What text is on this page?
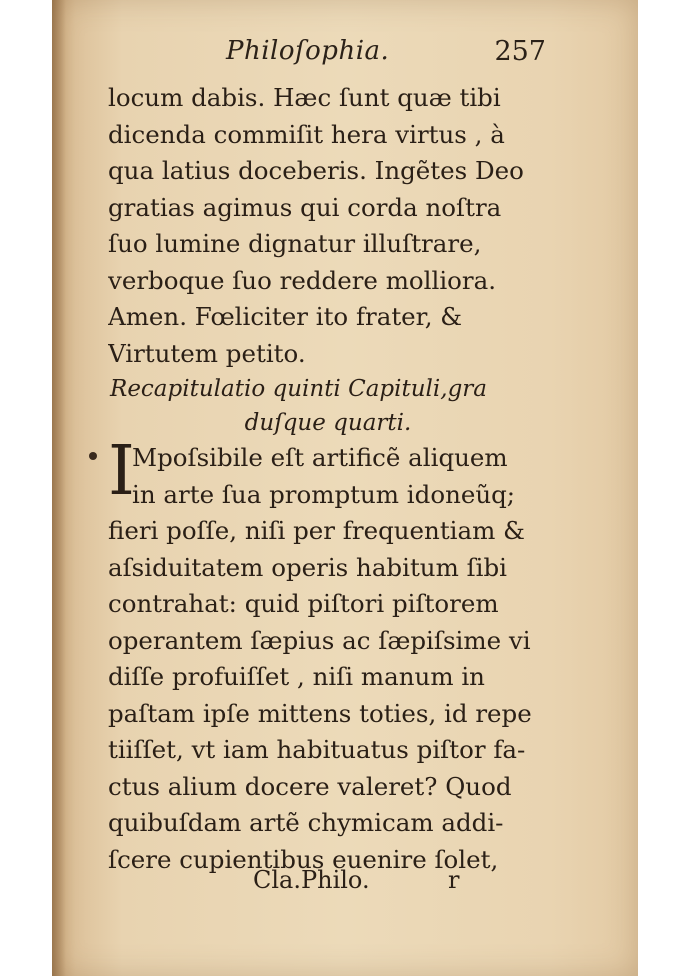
Philoſophia.	257
I
locum dabis. Hæc ſunt quæ tibi
dicenda commiſit hera virtus , à
qua latius doceberis. Ingẽtes Deo
gratias agimus qui corda noſtra
ſuo lumine dignatur illuſtrare,
verboque ſuo reddere molliora.
Amen. Fœliciter ito frater, &
Virtutem petito.
Recapitulatio quinti Capituli,gra
duſque quarti.
Mpoſsibile eſt artificẽ aliquem
in arte ſua promptum idoneũq;
fieri poſſe, niſi per frequentiam &
aſsiduitatem operis habitum ſibi
contrahat: quid piſtori piſtorem
operantem ſæpius ac ſæpiſsime vi
diſſe profuiſſet , niſi manum in
paſtam ipſe mittens toties, id repe
tiiſſet, vt iam habituatus piſtor fa-
ctus alium docere valeret? Quod
quibuſdam artẽ chymicam addi-
ſcere cupientibus euenire ſolet,
Cla.Philo.	r
